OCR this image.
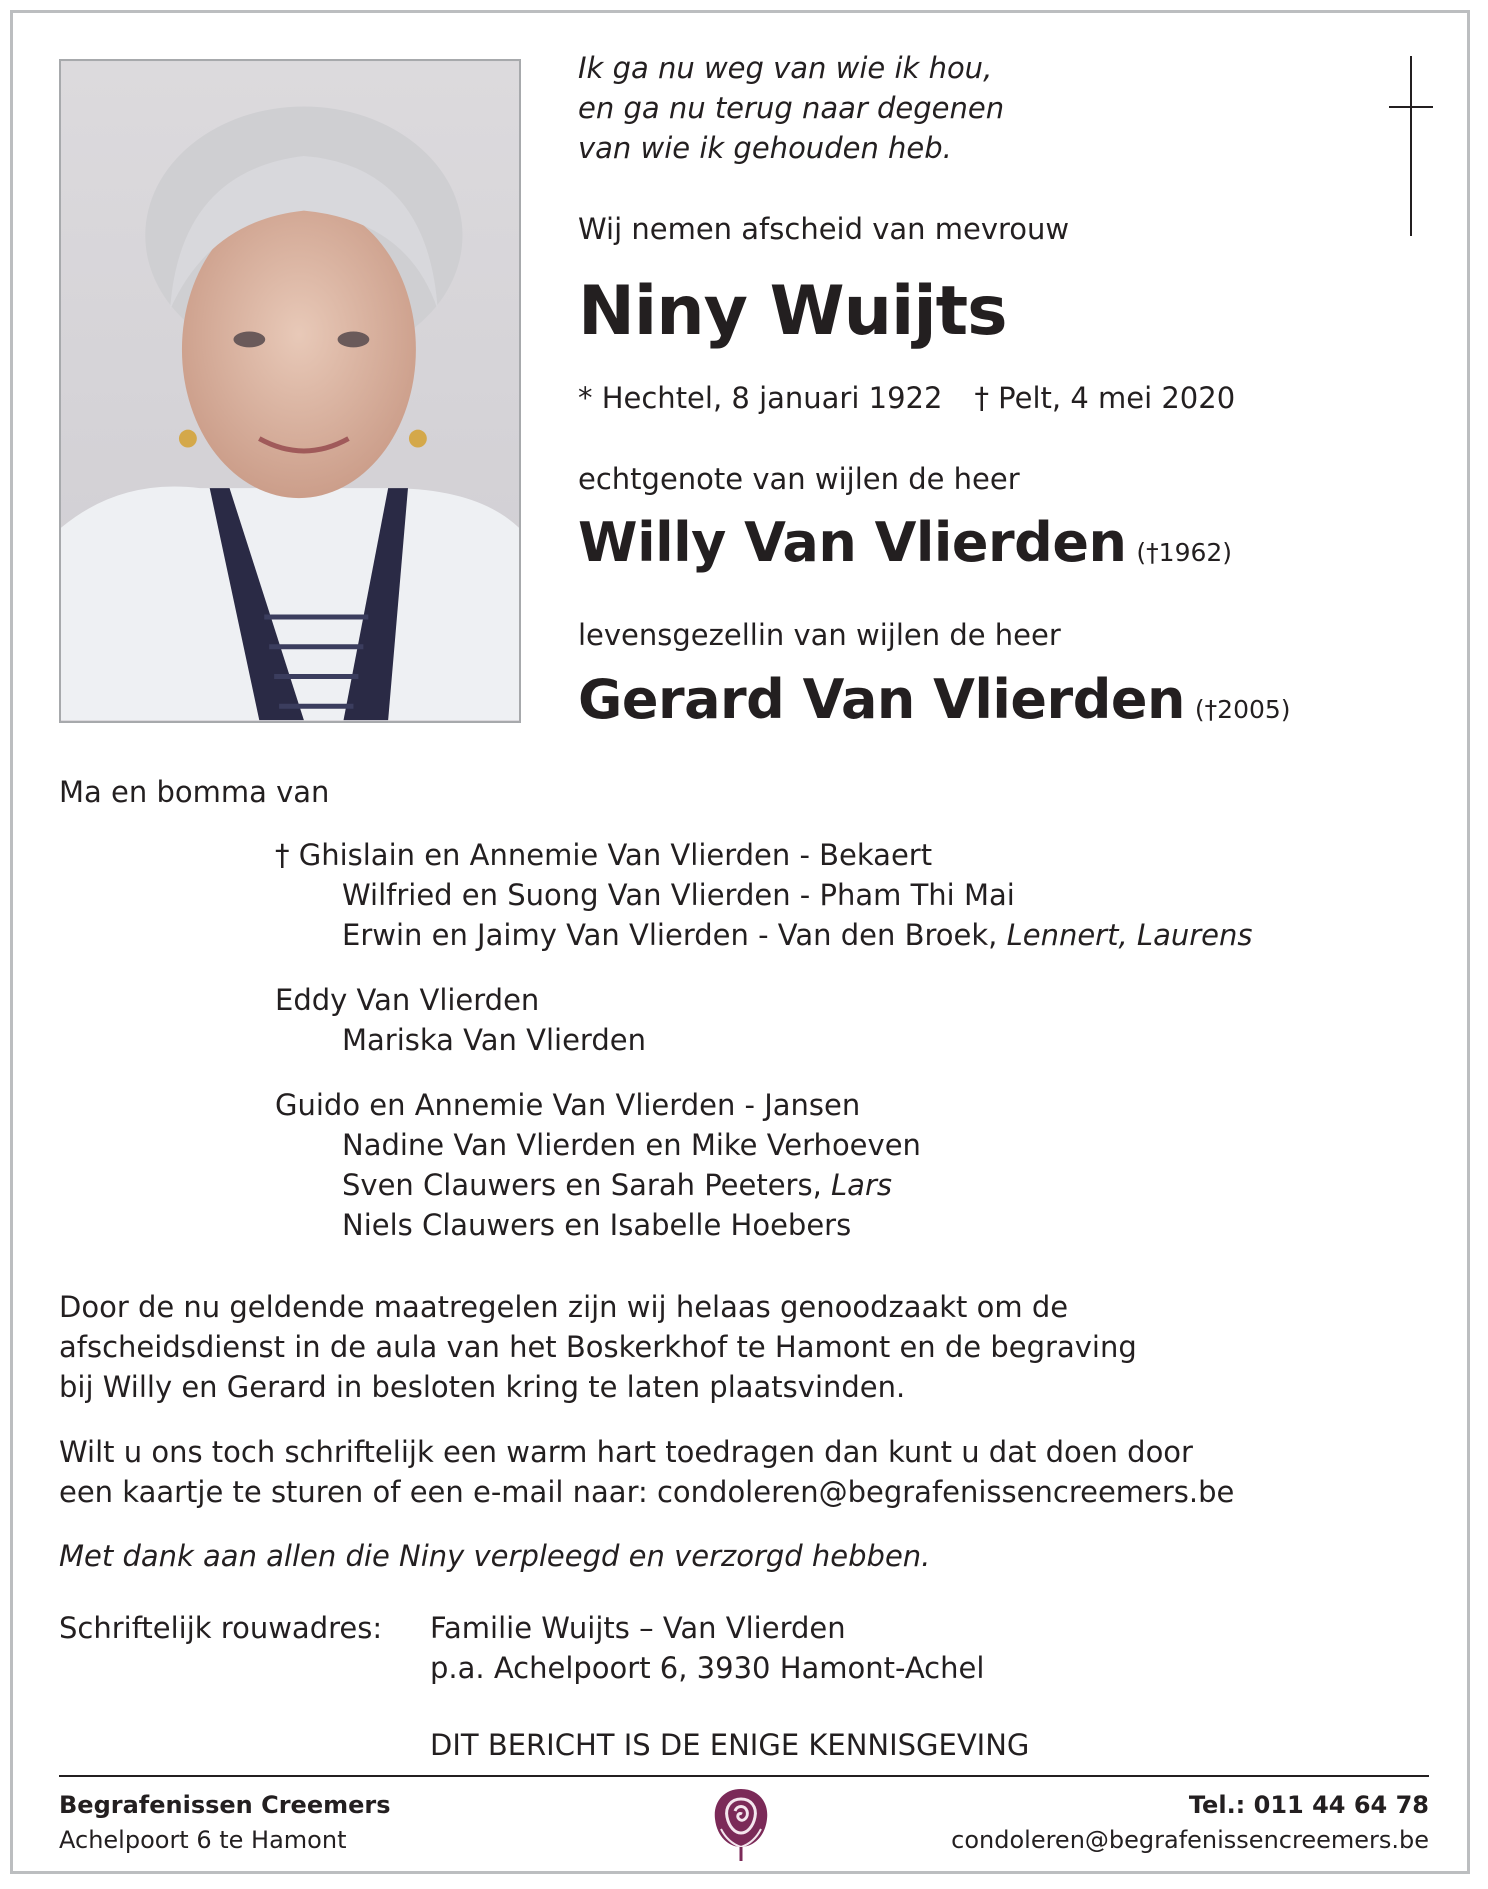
Ik ga nu weg van wie ik hou,
en ga nu terug naar degenen
van wie ik gehouden heb.
Wij nemen afscheid van mevrouw
Niny Wuijts
* Hechtel, 8 januari 1922 † Pelt, 4 mei 2020
echtgenote van wijlen de heer
Willy Van Vlierden (†1962)
levensgezellin van wijlen de heer
Gerard Van Vlierden (†2005)
Ma en bomma van
† Ghislain en Annemie Van Vlierden - Bekaert
Wilfried en Suong Van Vlierden - Pham Thi Mai
Erwin en Jaimy Van Vlierden - Van den Broek, Lennert, Laurens
Eddy Van Vlierden
Mariska Van Vlierden
Guido en Annemie Van Vlierden - Jansen
Nadine Van Vlierden en Mike Verhoeven
Sven Clauwers en Sarah Peeters, Lars
Niels Clauwers en Isabelle Hoebers
Door de nu geldende maatregelen zijn wij helaas genoodzaakt om de
afscheidsdienst in de aula van het Boskerkhof te Hamont en de begraving
bij Willy en Gerard in besloten kring te laten plaatsvinden.
Wilt u ons toch schriftelijk een warm hart toedragen dan kunt u dat doen door
een kaartje te sturen of een e-mail naar: condoleren@begrafenissencreemers.be
Met dank aan allen die Niny verpleegd en verzorgd hebben.
Schriftelijk rouwadres: Familie Wuijts – Van Vlierden
p.a. Achelpoort 6, 3930 Hamont-Achel
DIT BERICHT IS DE ENIGE KENNISGEVING
Begrafenissen Creemers
Achelpoort 6 te Hamont
Tel.: 011 44 64 78
condoleren@begrafenissencreemers.be
